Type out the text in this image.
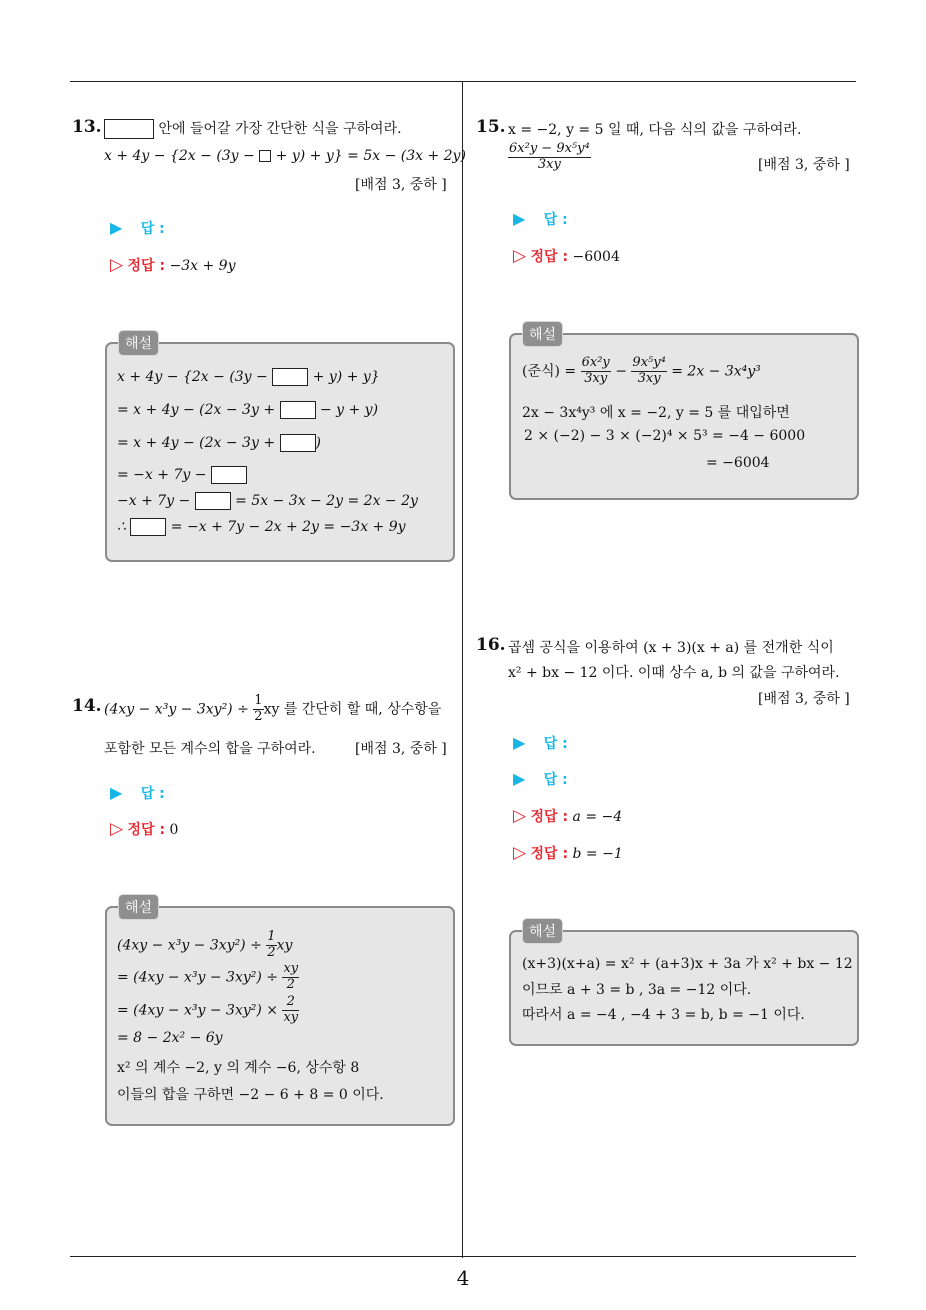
4
13.	안에 들어갈 가장 간단한 식을 구하여라.
x + 4y − {2x − (3y −  + y) + y} = 5x − (3x + 2y)
[배점 3, 중하 ]
▶ 답 :
▷ 정답 : −3x + 9y
해설
x + 4y − {2x − (3y −	+ y) + y}
= x + 4y − (2x − 3y +	− y + y)
= x + 4y − (2x − 3y +	)
= −x + 7y −
−x + 7y −	= 5x − 3x − 2y = 2x − 2y
∴	= −x + 7y − 2x + 2y = −3x + 9y
14. $(4xy - x^3y - 3xy^2) \div \frac{1}{2}$ xy 를 간단히 할 때, 상수항을
포함한 모든 계수의 합을 구하여라.	[배점 3, 중하 ]
▶ 답 :
▷ 정답 : 0
해설
$(4xy - x^3y - 3xy^2) \div \frac{1}{2}$ xy
= $(4xy - x^3y - 3xy^2) \div \frac{xy}{2}$
= $(4xy - x^3y - 3xy^2) \times \frac{2}{xy}$
= 8 − 2x² − 6y
x² 의 계수 −2, y 의 계수 −6, 상수항 8
이들의 합을 구하면 −2 − 6 + 8 = 0 이다.
15. x = −2, y = 5 일 때, 다음 식의 값을 구하여라.
$\frac{\text{6x²y − 9x⁵y⁴}}{3xy}$	[배점 3, 중하 ]
▶ 답 :
▷ 정답 : −6004
해설
(준식) = $\frac{\text{6x²y}}{3xy} - \frac{\text{9x⁵y⁴}}{3xy} = 2x - 3x^4y^3$
2x − 3x⁴y³ 에 x = −2, y = 5 를 대입하면
2 × (−2) − 3 × (−2)⁴ × 5³ = −4 − 6000
= −6004
16. 곱셈 공식을 이용하여 (x + 3)(x + a) 를 전개한 식이
x² + bx − 12 이다. 이때 상수 a, b 의 값을 구하여라.
[배점 3, 중하 ]
▶ 답 :
▶ 답 :
▷ 정답 : a = −4
▷ 정답 : b = −1
해설
(x+3)(x+a) = x² + (a+3)x + 3a 가 x² + bx − 12
이므로 a + 3 = b , 3a = −12 이다.
따라서 a = −4 , −4 + 3 = b, b = −1 이다.
